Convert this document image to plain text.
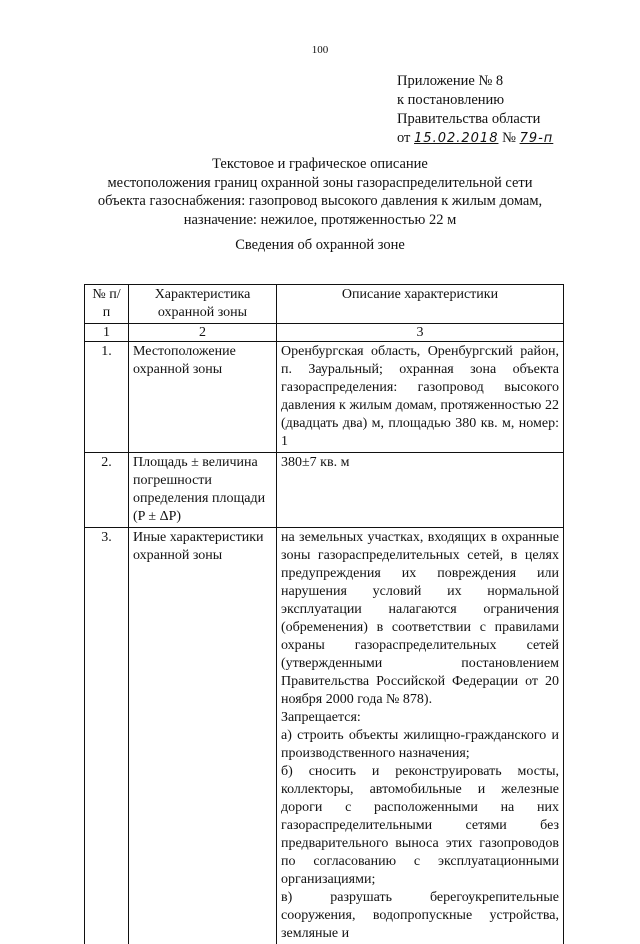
100
Приложение № 8
к постановлению
Правительства области
от 15.02.2018 № 79-п
Текстовое и графическое описание
местоположения границ охранной зоны газораспределительной сети
объекта газоснабжения: газопровод высокого давления к жилым домам,
назначение: нежилое, протяженностью 22 м
Сведения об охранной зоне
№ п/п	Характеристика охранной зоны	Описание характеристики
1	2	3
1.	Местоположение охранной зоны	Оренбургская область, Оренбургский район, п. Зауральный; охранная зона объекта газораспределения: газопровод высокого давления к жилым домам, протяженностью 22 (двадцать два) м, площадью 380 кв. м, номер: 1
2.	Площадь ± величина погрешности определения площади (P ± ΔP)	380±7 кв. м
3.	Иные характеристики охранной зоны	на земельных участках, входящих в охранные зоны газораспределительных сетей, в целях предупреждения их повреждения или нарушения условий их нормальной эксплуатации налагаются ограничения (обременения) в соответствии с правилами охраны газораспределительных сетей (утвержденными постановлением Правительства Российской Федерации от 20 ноября 2000 года № 878).
Запрещается:
а) строить объекты жилищно-гражданского и производственного назначения;
б) сносить и реконструировать мосты, коллекторы, автомобильные и железные дороги с расположенными на них газораспределительными сетями без предварительного выноса этих газопроводов по согласованию с эксплуатационными организациями;
в) разрушать берегоукрепительные сооружения, водопропускные устройства, земляные и
